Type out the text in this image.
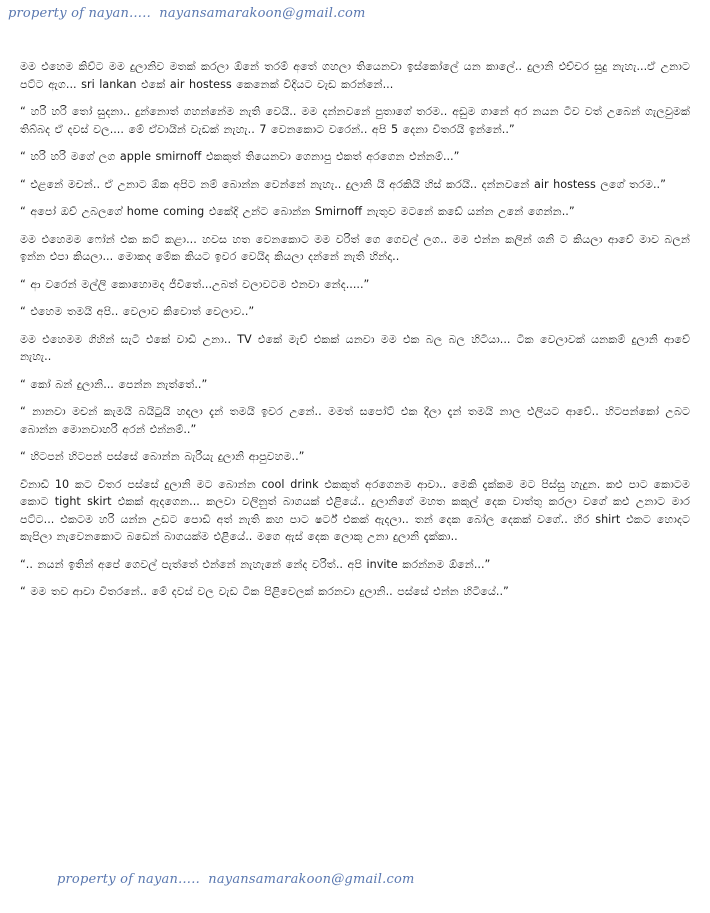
property of nayan….. nayansamarakoon@gmail.com

මම එහෙම කිව්ට මම දුලානිව මතක් කරලා ඕනේ තරම් අතේ ගහලා තියෙනවා ඉස්කෝලේ යන කාලේ.. දුලානි එච්චර සුදු නැහැ...ඒ උනාට පට්ට ඇග... sri lankan එකේ air hostess කෙනෙක් විදියට වැඩ කරන්නේ...

“ හරි හරි තෝ සුදනා.. දුන්නොත් ගහන්නේම නැති වෙයි.. මම දන්නවනේ පුතාගේ තරම.. අඩුම ගානේ අර නයන ටීව වත් උබෙන් ගැලවුමක් තිබ්බද ඒ දවස් වල.... මේ ඒවායින් වැඩක් නැහැ.. 7 වෙනකොට වරෙන්.. අපි 5 දෙනා විතරයි ඉන්නේ..”

“ හරි හරි මගේ ලග apple smirnoff එකකුත් තියෙනවා ගෙනාපු එකත් අරගෙන එන්නම්...”

“ එළනේ මචන්.. ඒ උනාට ඕක අපිට නම් බොන්න වෙන්නේ නැහැ.. දුලානි යි අරකියි හිස් කරයි.. දන්නවනේ air hostess ලගේ තරම..”

“ අපෝ ඔව් උබලගේ home coming එකේදි උන්ට බොන්න Smirnoff නැතුව මටනේ කඩේ යන්න උනේ ගෙන්න..”

මම එහෙමම ෆෝන් එක කට් කළා... හවස හත වෙනකොට මම වරිත් ගෙ ගෙවල් ලග.. මම එන්න කලින් ශනි ට කියලා ආවේ මාව බලන් ඉන්න එපා කියලා... මොකද මේක කියට ඉවර වෙයිද කියලා දන්නේ නැති හින්දා..

“ ආ වරෙන් මල්ලි කොහොමද ජීවිතේ...උබත් වලාවටම එනවා නේද.....”

“ එහෙම තමයි අපි.. වෙලාව කිවොත් වෙලාව..”

මම එහෙමම ගිහින් සැටි එකේ වාඩි උනා.. TV එකේ මැච් එකක් යනවා මම එක බල බල හිටියා... ටික වෙලාවක් යනකම් දුලානි ආවේ නැහැ..

“ කෝ බන් දුලානි... පෙන්න නැත්තේ..”

“ නානවා මචන් කැමයි බයිටුයි හදලා දැන් තමයි ඉවර උනේ.. මමත් සපෝට් එක දීලා දැන් තමයි නාල එලියට ආවේ.. හිටපන්කෝ උබට බොන්න මොනවාහරි අරන් එන්නම්..”

“ හිටපන් හිටපන් පස්සේ බොන්න බැරියැ දුලානි ආපුවහම..”

විනාඩි 10 කට විතර පස්සේ දුලානි මට බොන්න cool drink එකකුත් අරගෙනම ආවා.. මෙකි දැක්කම මට පිස්සු හැදුන. කළු පාට කොටම කොට tight skirt එකක් ඇදගෙන... කලවා වලිනුත් බාගයක් එළියේ.. දුලානිගේ මහත කකුල් දෙක වාත්තු කරලා වගේ කළු උනාට මාර පට්ට... එකටම හරි යන්න උඩට පොඩි අත් නැති කහ පාට ෂර්ට් එකක් ඇදලා.. තන් දෙක බෝල දෙකක් වගේ.. හිර shirt එකට හොදට කැපිලා නැවෙනකොට බඩෙන් බාගයක්ම එළියේ.. මගෙ ඇස් දෙක ලොකු උනා දුලානි දැක්කා..

“.. නයන් ඉතින් අපේ ගෙවල් පැත්තේ එන්නේ නැහැනේ නේද වරිත්.. අපි invite කරන්නම ඕනේ...”

“ මම තව ආවා විතරනේ.. මේ දවස් වල වැඩ ටික පිළිවෙලක් කරනවා දුලානි.. පස්සේ එන්න හිටියේ..”

property of nayan….. nayansamarakoon@gmail.com
